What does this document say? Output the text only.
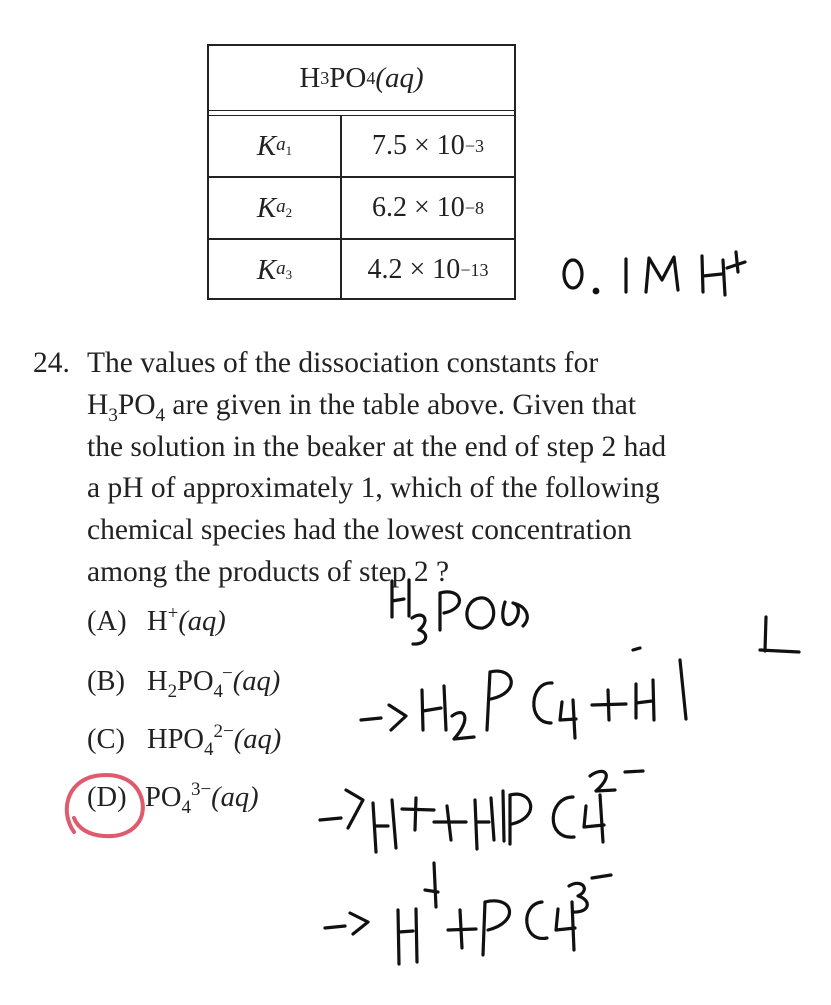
H 3 PO 4 (aq)
K $a_1$	7.5 × 10 −3
K $a_2$	6.2 × 10 −8
K $a_3$	4.2 × 10 −13
24. The values of the dissociation constants for
$H_3PO_4$ are given in the table above. Given that
the solution in the beaker at the end of step 2 had
a pH of approximately 1, which of the following
chemical species had the lowest concentration
among the products of step 2 ?
(A) H+(aq)
(B) $H_2PO_4^-(aq)$
(C) $HPO_4^{2-}(aq)$
(D) $PO_4^{3-}(aq)$
